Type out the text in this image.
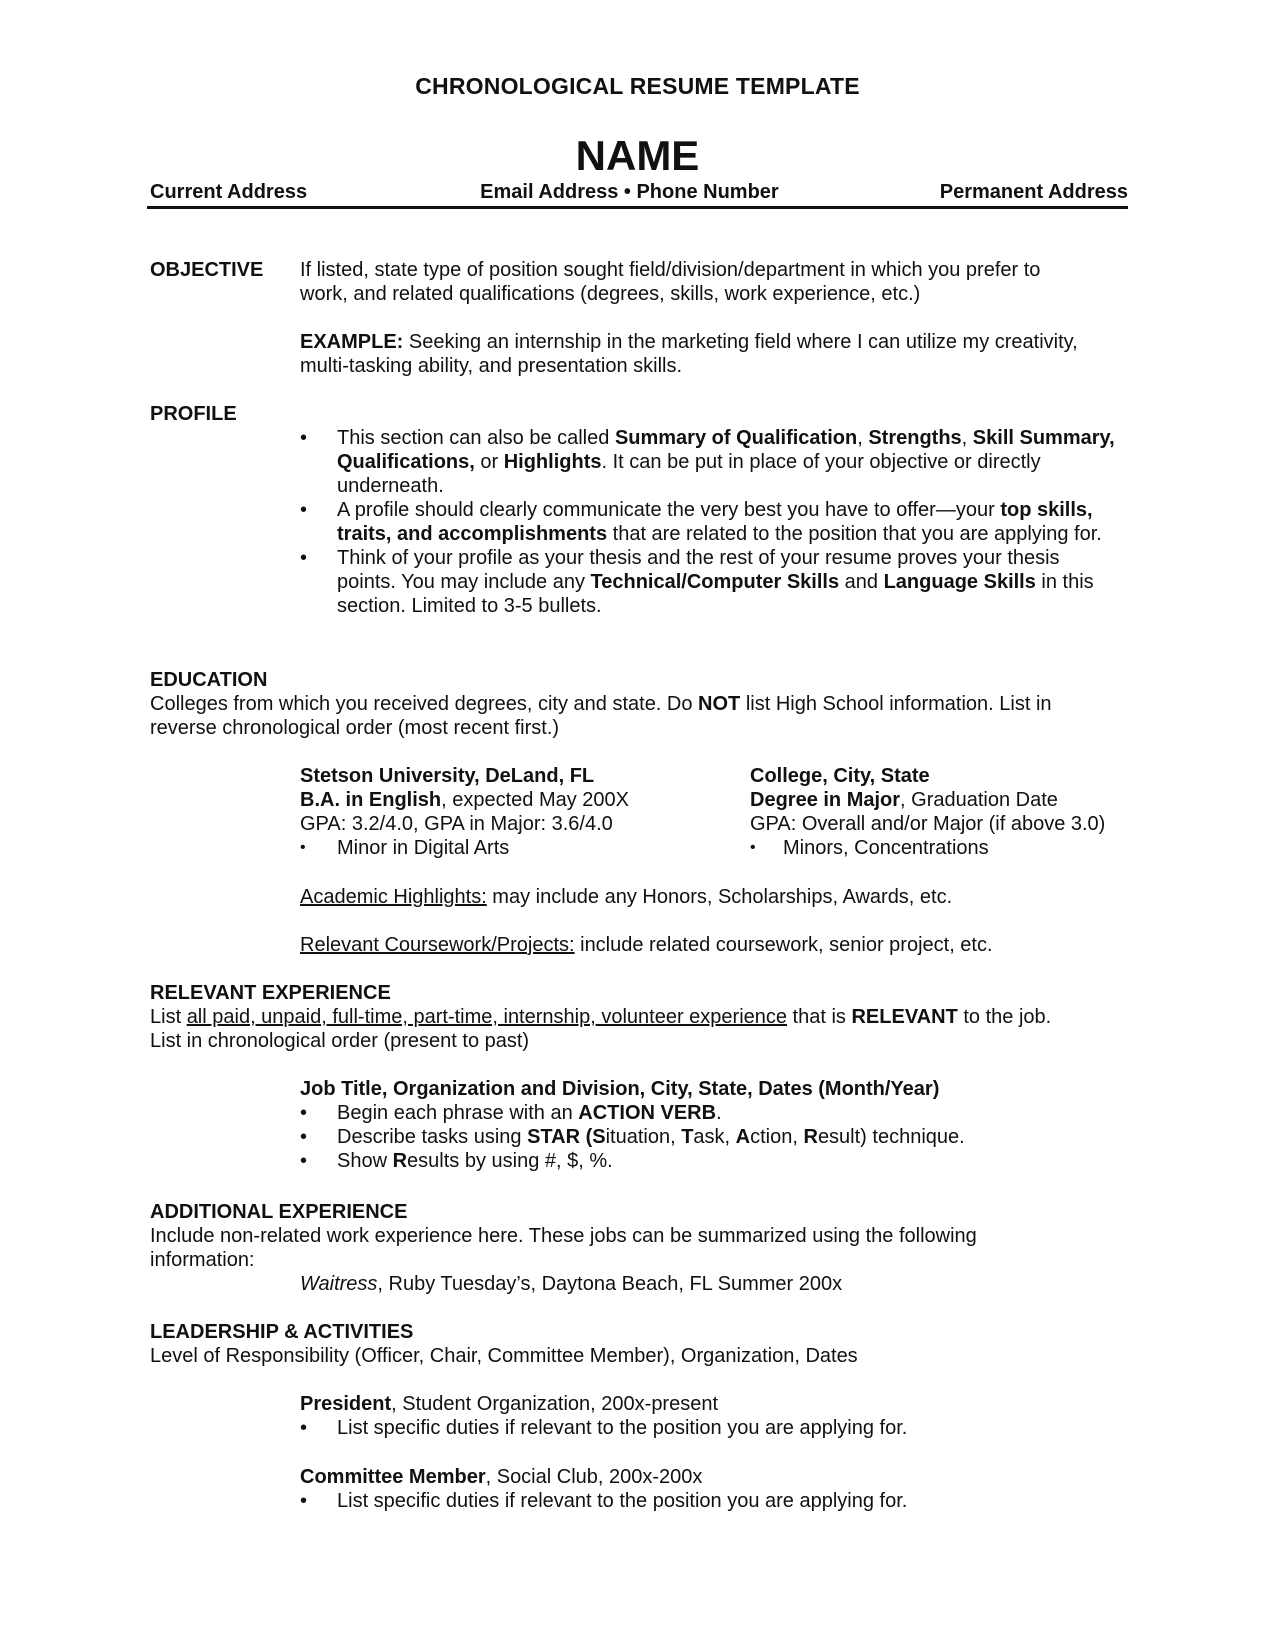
CHRONOLOGICAL RESUME TEMPLATE
NAME
Current Address	Email Address • Phone Number	Permanent Address
OBJECTIVE If listed, state type of position sought field/division/department in which you prefer to work, and related qualifications (degrees, skills, work experience, etc.)
EXAMPLE: Seeking an internship in the marketing field where I can utilize my creativity, multi-tasking ability, and presentation skills.
PROFILE
• This section can also be called Summary of Qualification, Strengths, Skill Summary, Qualifications, or Highlights. It can be put in place of your objective or directly underneath.
• A profile should clearly communicate the very best you have to offer—your top skills, traits, and accomplishments that are related to the position that you are applying for.
• Think of your profile as your thesis and the rest of your resume proves your thesis points. You may include any Technical/Computer Skills and Language Skills in this section. Limited to 3-5 bullets.
EDUCATION
Colleges from which you received degrees, city and state. Do NOT list High School information. List in reverse chronological order (most recent first.)
Stetson University, DeLand, FL
B.A. in English, expected May 200X
GPA: 3.2/4.0, GPA in Major: 3.6/4.0
• Minor in Digital Arts
College, City, State
Degree in Major, Graduation Date
GPA: Overall and/or Major (if above 3.0)
• Minors, Concentrations
Academic Highlights: may include any Honors, Scholarships, Awards, etc.
Relevant Coursework/Projects: include related coursework, senior project, etc.
RELEVANT EXPERIENCE
List all paid, unpaid, full-time, part-time, internship, volunteer experience that is RELEVANT to the job.
List in chronological order (present to past)
Job Title, Organization and Division, City, State, Dates (Month/Year)
• Begin each phrase with an ACTION VERB.
• Describe tasks using STAR (Situation, Task, Action, Result) technique.
• Show Results by using #, $, %.
ADDITIONAL EXPERIENCE
Include non-related work experience here. These jobs can be summarized using the following information:
Waitress, Ruby Tuesday’s, Daytona Beach, FL Summer 200x
LEADERSHIP & ACTIVITIES
Level of Responsibility (Officer, Chair, Committee Member), Organization, Dates
President, Student Organization, 200x-present
• List specific duties if relevant to the position you are applying for.
Committee Member, Social Club, 200x-200x
• List specific duties if relevant to the position you are applying for.
